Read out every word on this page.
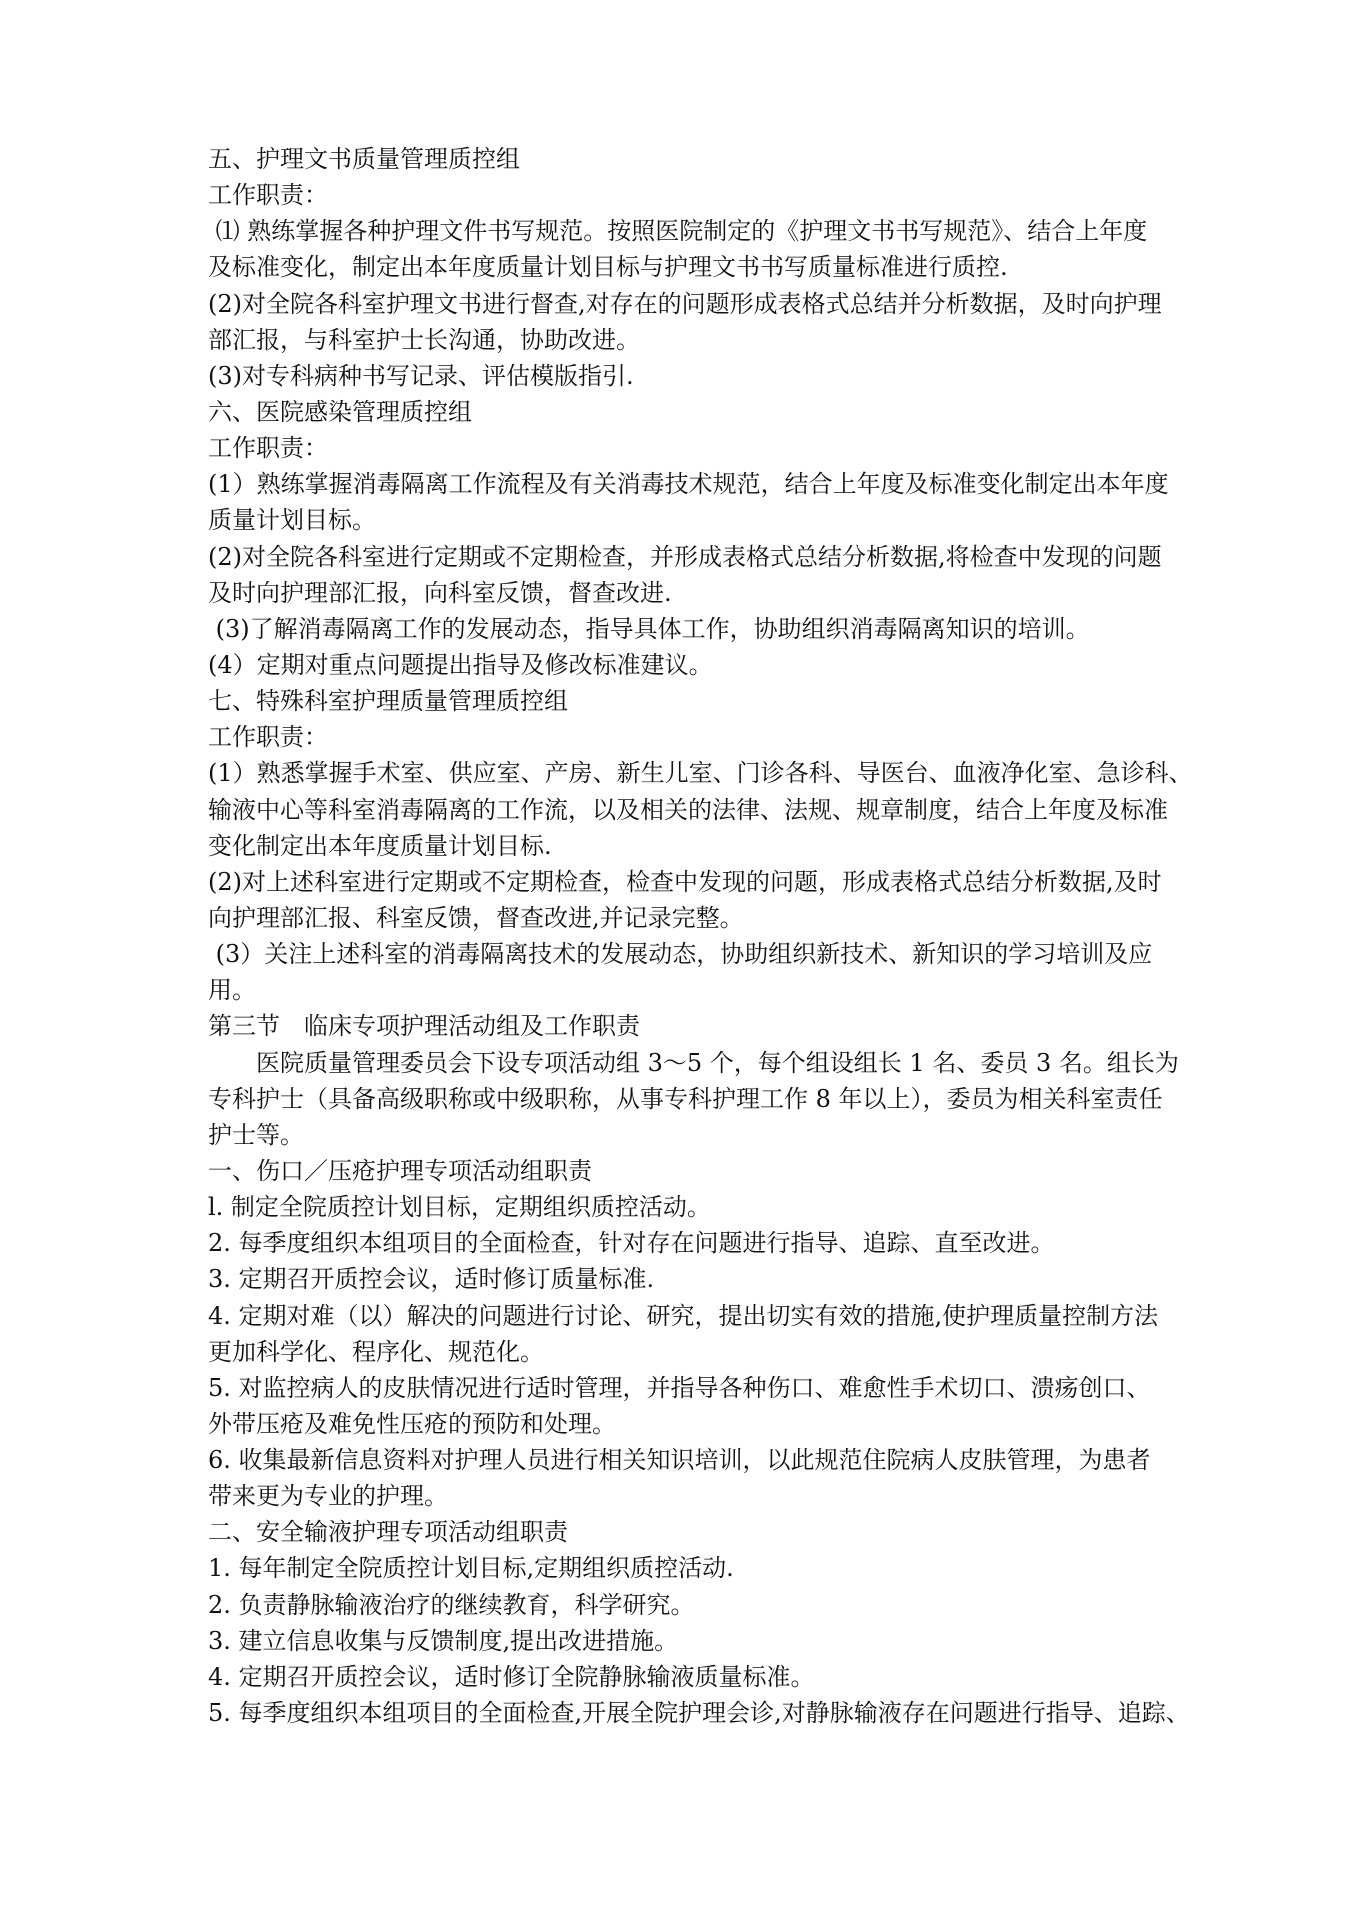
五、护理文书质量管理质控组
工作职责：
⑴ 熟练掌握各种护理文件书写规范。按照医院制定的《护理文书书写规范》、结合上年度
及标准变化，制定出本年度质量计划目标与护理文书书写质量标准进行质控.
(2)对全院各科室护理文书进行督查,对存在的问题形成表格式总结并分析数据，及时向护理
部汇报，与科室护士长沟通，协助改进。
(3)对专科病种书写记录、评估模版指引.
六、医院感染管理质控组
工作职责：
(1）熟练掌握消毒隔离工作流程及有关消毒技术规范，结合上年度及标准变化制定出本年度
质量计划目标。
(2)对全院各科室进行定期或不定期检查，并形成表格式总结分析数据,将检查中发现的问题
及时向护理部汇报，向科室反馈，督查改进.
(3)了解消毒隔离工作的发展动态，指导具体工作，协助组织消毒隔离知识的培训。
(4）定期对重点问题提出指导及修改标准建议。
七、特殊科室护理质量管理质控组
工作职责：
(1）熟悉掌握手术室、供应室、产房、新生儿室、门诊各科、导医台、血液净化室、急诊科、
输液中心等科室消毒隔离的工作流，以及相关的法律、法规、规章制度，结合上年度及标准
变化制定出本年度质量计划目标.
(2)对上述科室进行定期或不定期检查，检查中发现的问题，形成表格式总结分析数据,及时
向护理部汇报、科室反馈，督查改进,并记录完整。
(3）关注上述科室的消毒隔离技术的发展动态，协助组织新技术、新知识的学习培训及应
用。
第三节　临床专项护理活动组及工作职责
　　医院质量管理委员会下设专项活动组 3～5 个，每个组设组长 1 名、委员 3 名。组长为
专科护士（具备高级职称或中级职称，从事专科护理工作 8 年以上），委员为相关科室责任
护士等。
一、伤口／压疮护理专项活动组职责
l. 制定全院质控计划目标，定期组织质控活动。
2. 每季度组织本组项目的全面检查，针对存在问题进行指导、追踪、直至改进。
3. 定期召开质控会议，适时修订质量标准.
4. 定期对难（以）解决的问题进行讨论、研究，提出切实有效的措施,使护理质量控制方法
更加科学化、程序化、规范化。
5. 对监控病人的皮肤情况进行适时管理，并指导各种伤口、难愈性手术切口、溃疡创口、
外带压疮及难免性压疮的预防和处理。
6. 收集最新信息资料对护理人员进行相关知识培训，以此规范住院病人皮肤管理，为患者
带来更为专业的护理。
二、安全输液护理专项活动组职责
1. 每年制定全院质控计划目标,定期组织质控活动.
2. 负责静脉输液治疗的继续教育，科学研究。
3. 建立信息收集与反馈制度,提出改进措施。
4. 定期召开质控会议，适时修订全院静脉输液质量标准。
5. 每季度组织本组项目的全面检查,开展全院护理会诊,对静脉输液存在问题进行指导、追踪、
